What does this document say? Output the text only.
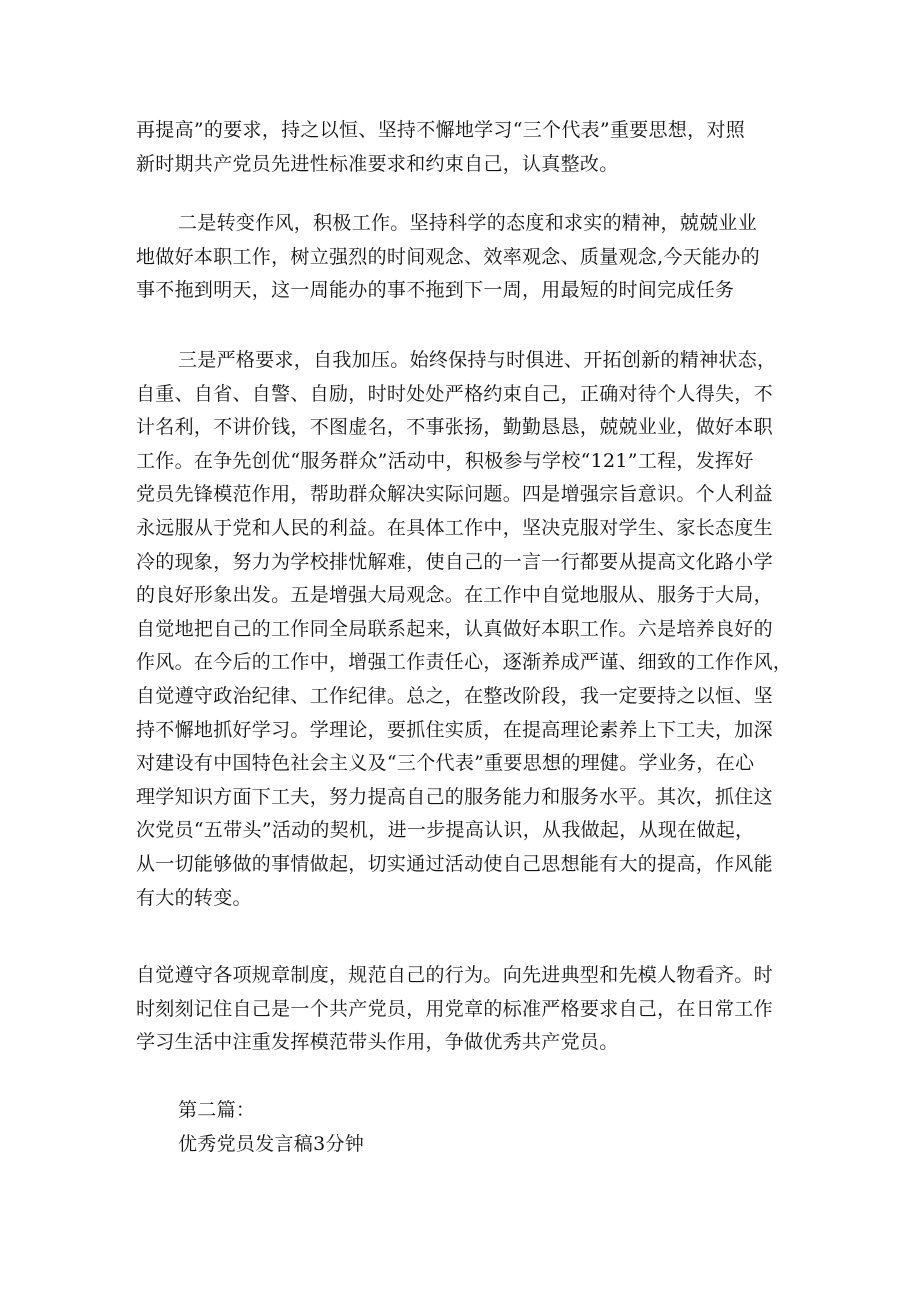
再提高”的要求，持之以恒、坚持不懈地学习“三个代表”重要思想，对照
新时期共产党员先进性标准要求和约束自己，认真整改。
二是转变作风，积极工作。坚持科学的态度和求实的精神，兢兢业业
地做好本职工作，树立强烈的时间观念、效率观念、质量观念,今天能办的
事不拖到明天，这一周能办的事不拖到下一周，用最短的时间完成任务
三是严格要求，自我加压。始终保持与时俱进、开拓创新的精神状态，
自重、自省、自警、自励，时时处处严格约束自己，正确对待个人得失，不
计名利，不讲价钱，不图虚名，不事张扬，勤勤恳恳，兢兢业业，做好本职
工作。在争先创优“服务群众”活动中，积极参与学校“121”工程，发挥好
党员先锋模范作用，帮助群众解决实际问题。四是增强宗旨意识。个人利益
永远服从于党和人民的利益。在具体工作中，坚决克服对学生、家长态度生
冷的现象，努力为学校排忧解难，使自己的一言一行都要从提高文化路小学
的良好形象出发。五是增强大局观念。在工作中自觉地服从、服务于大局，
自觉地把自己的工作同全局联系起来，认真做好本职工作。六是培养良好的
作风。在今后的工作中，增强工作责任心，逐渐养成严谨、细致的工作作风，
自觉遵守政治纪律、工作纪律。总之，在整改阶段，我一定要持之以恒、坚
持不懈地抓好学习。学理论，要抓住实质，在提高理论素养上下工夫，加深
对建设有中国特色社会主义及“三个代表”重要思想的理健。学业务，在心
理学知识方面下工夫，努力提高自己的服务能力和服务水平。其次，抓住这
次党员“五带头”活动的契机，进一步提高认识，从我做起，从现在做起，
从一切能够做的事情做起，切实通过活动使自己思想能有大的提高，作风能
有大的转变。
自觉遵守各项规章制度，规范自己的行为。向先进典型和先模人物看齐。时
时刻刻记住自己是一个共产党员，用党章的标准严格要求自己，在日常工作
学习生活中注重发挥模范带头作用，争做优秀共产党员。
第二篇：
优秀党员发言稿3分钟
